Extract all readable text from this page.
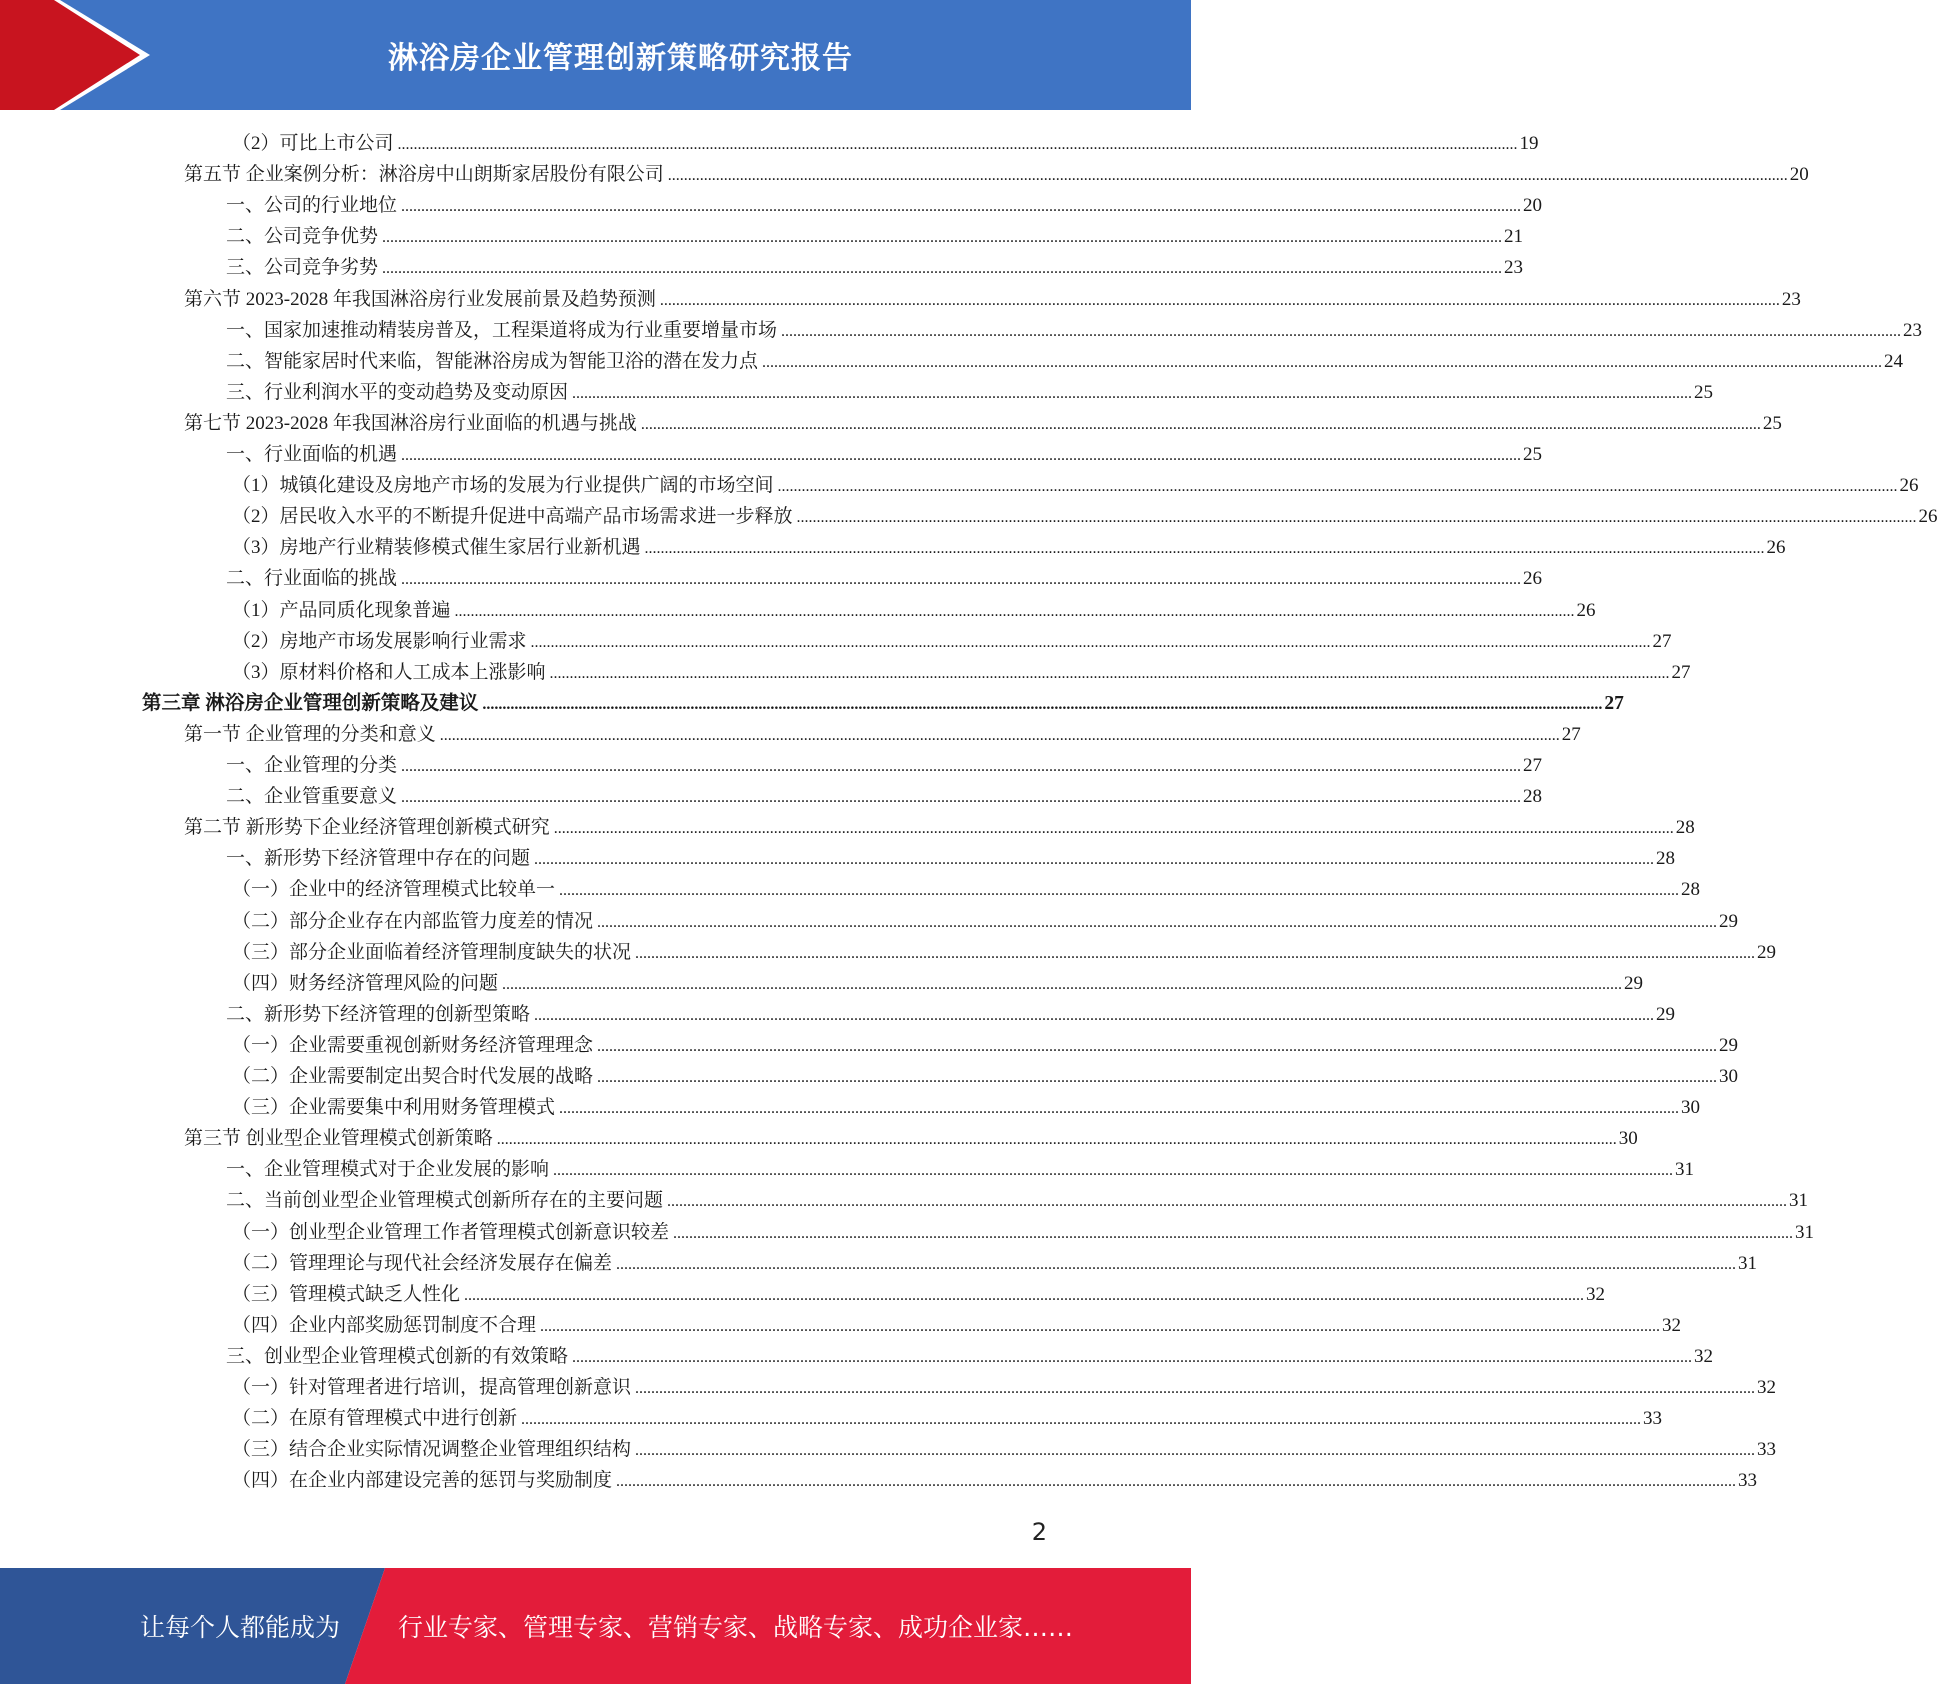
淋浴房企业管理创新策略研究报告
（2）可比上市公司 .....	19
第五节 企业案例分析：淋浴房中山朗斯家居股份有限公司 .....	20
一、公司的行业地位 .....	20
二、公司竞争优势 .....	21
三、公司竞争劣势 .....	23
第六节 2023-2028 年我国淋浴房行业发展前景及趋势预测 .....	23
一、国家加速推动精装房普及，工程渠道将成为行业重要增量市场 .....	23
二、智能家居时代来临，智能淋浴房成为智能卫浴的潜在发力点 .....	24
三、行业利润水平的变动趋势及变动原因 .....	25
第七节 2023-2028 年我国淋浴房行业面临的机遇与挑战 .....	25
一、行业面临的机遇 .....	25
（1）城镇化建设及房地产市场的发展为行业提供广阔的市场空间 .....	26
（2）居民收入水平的不断提升促进中高端产品市场需求进一步释放 .....	26
（3）房地产行业精装修模式催生家居行业新机遇 .....	26
二、行业面临的挑战 .....	26
（1）产品同质化现象普遍 .....	26
（2）房地产市场发展影响行业需求 .....	27
（3）原材料价格和人工成本上涨影响 .....	27
第三章 淋浴房企业管理创新策略及建议 .....	27
第一节 企业管理的分类和意义 .....	27
一、企业管理的分类 .....	27
二、企业管重要意义 .....	28
第二节 新形势下企业经济管理创新模式研究 .....	28
一、新形势下经济管理中存在的问题 .....	28
（一）企业中的经济管理模式比较单一 .....	28
（二）部分企业存在内部监管力度差的情况 .....	29
（三）部分企业面临着经济管理制度缺失的状况 .....	29
（四）财务经济管理风险的问题 .....	29
二、新形势下经济管理的创新型策略 .....	29
（一）企业需要重视创新财务经济管理理念 .....	29
（二）企业需要制定出契合时代发展的战略 .....	30
（三）企业需要集中利用财务管理模式 .....	30
第三节 创业型企业管理模式创新策略 .....	30
一、企业管理模式对于企业发展的影响 .....	31
二、当前创业型企业管理模式创新所存在的主要问题 .....	31
（一）创业型企业管理工作者管理模式创新意识较差 .....	31
（二）管理理论与现代社会经济发展存在偏差 .....	31
（三）管理模式缺乏人性化 .....	32
（四）企业内部奖励惩罚制度不合理 .....	32
三、创业型企业管理模式创新的有效策略 .....	32
（一）针对管理者进行培训，提高管理创新意识 .....	32
（二）在原有管理模式中进行创新 .....	33
（三）结合企业实际情况调整企业管理组织结构 .....	33
（四）在企业内部建设完善的惩罚与奖励制度 .....	33
2
让每个人都能成为 行业专家、管理专家、营销专家、战略专家、成功企业家……
